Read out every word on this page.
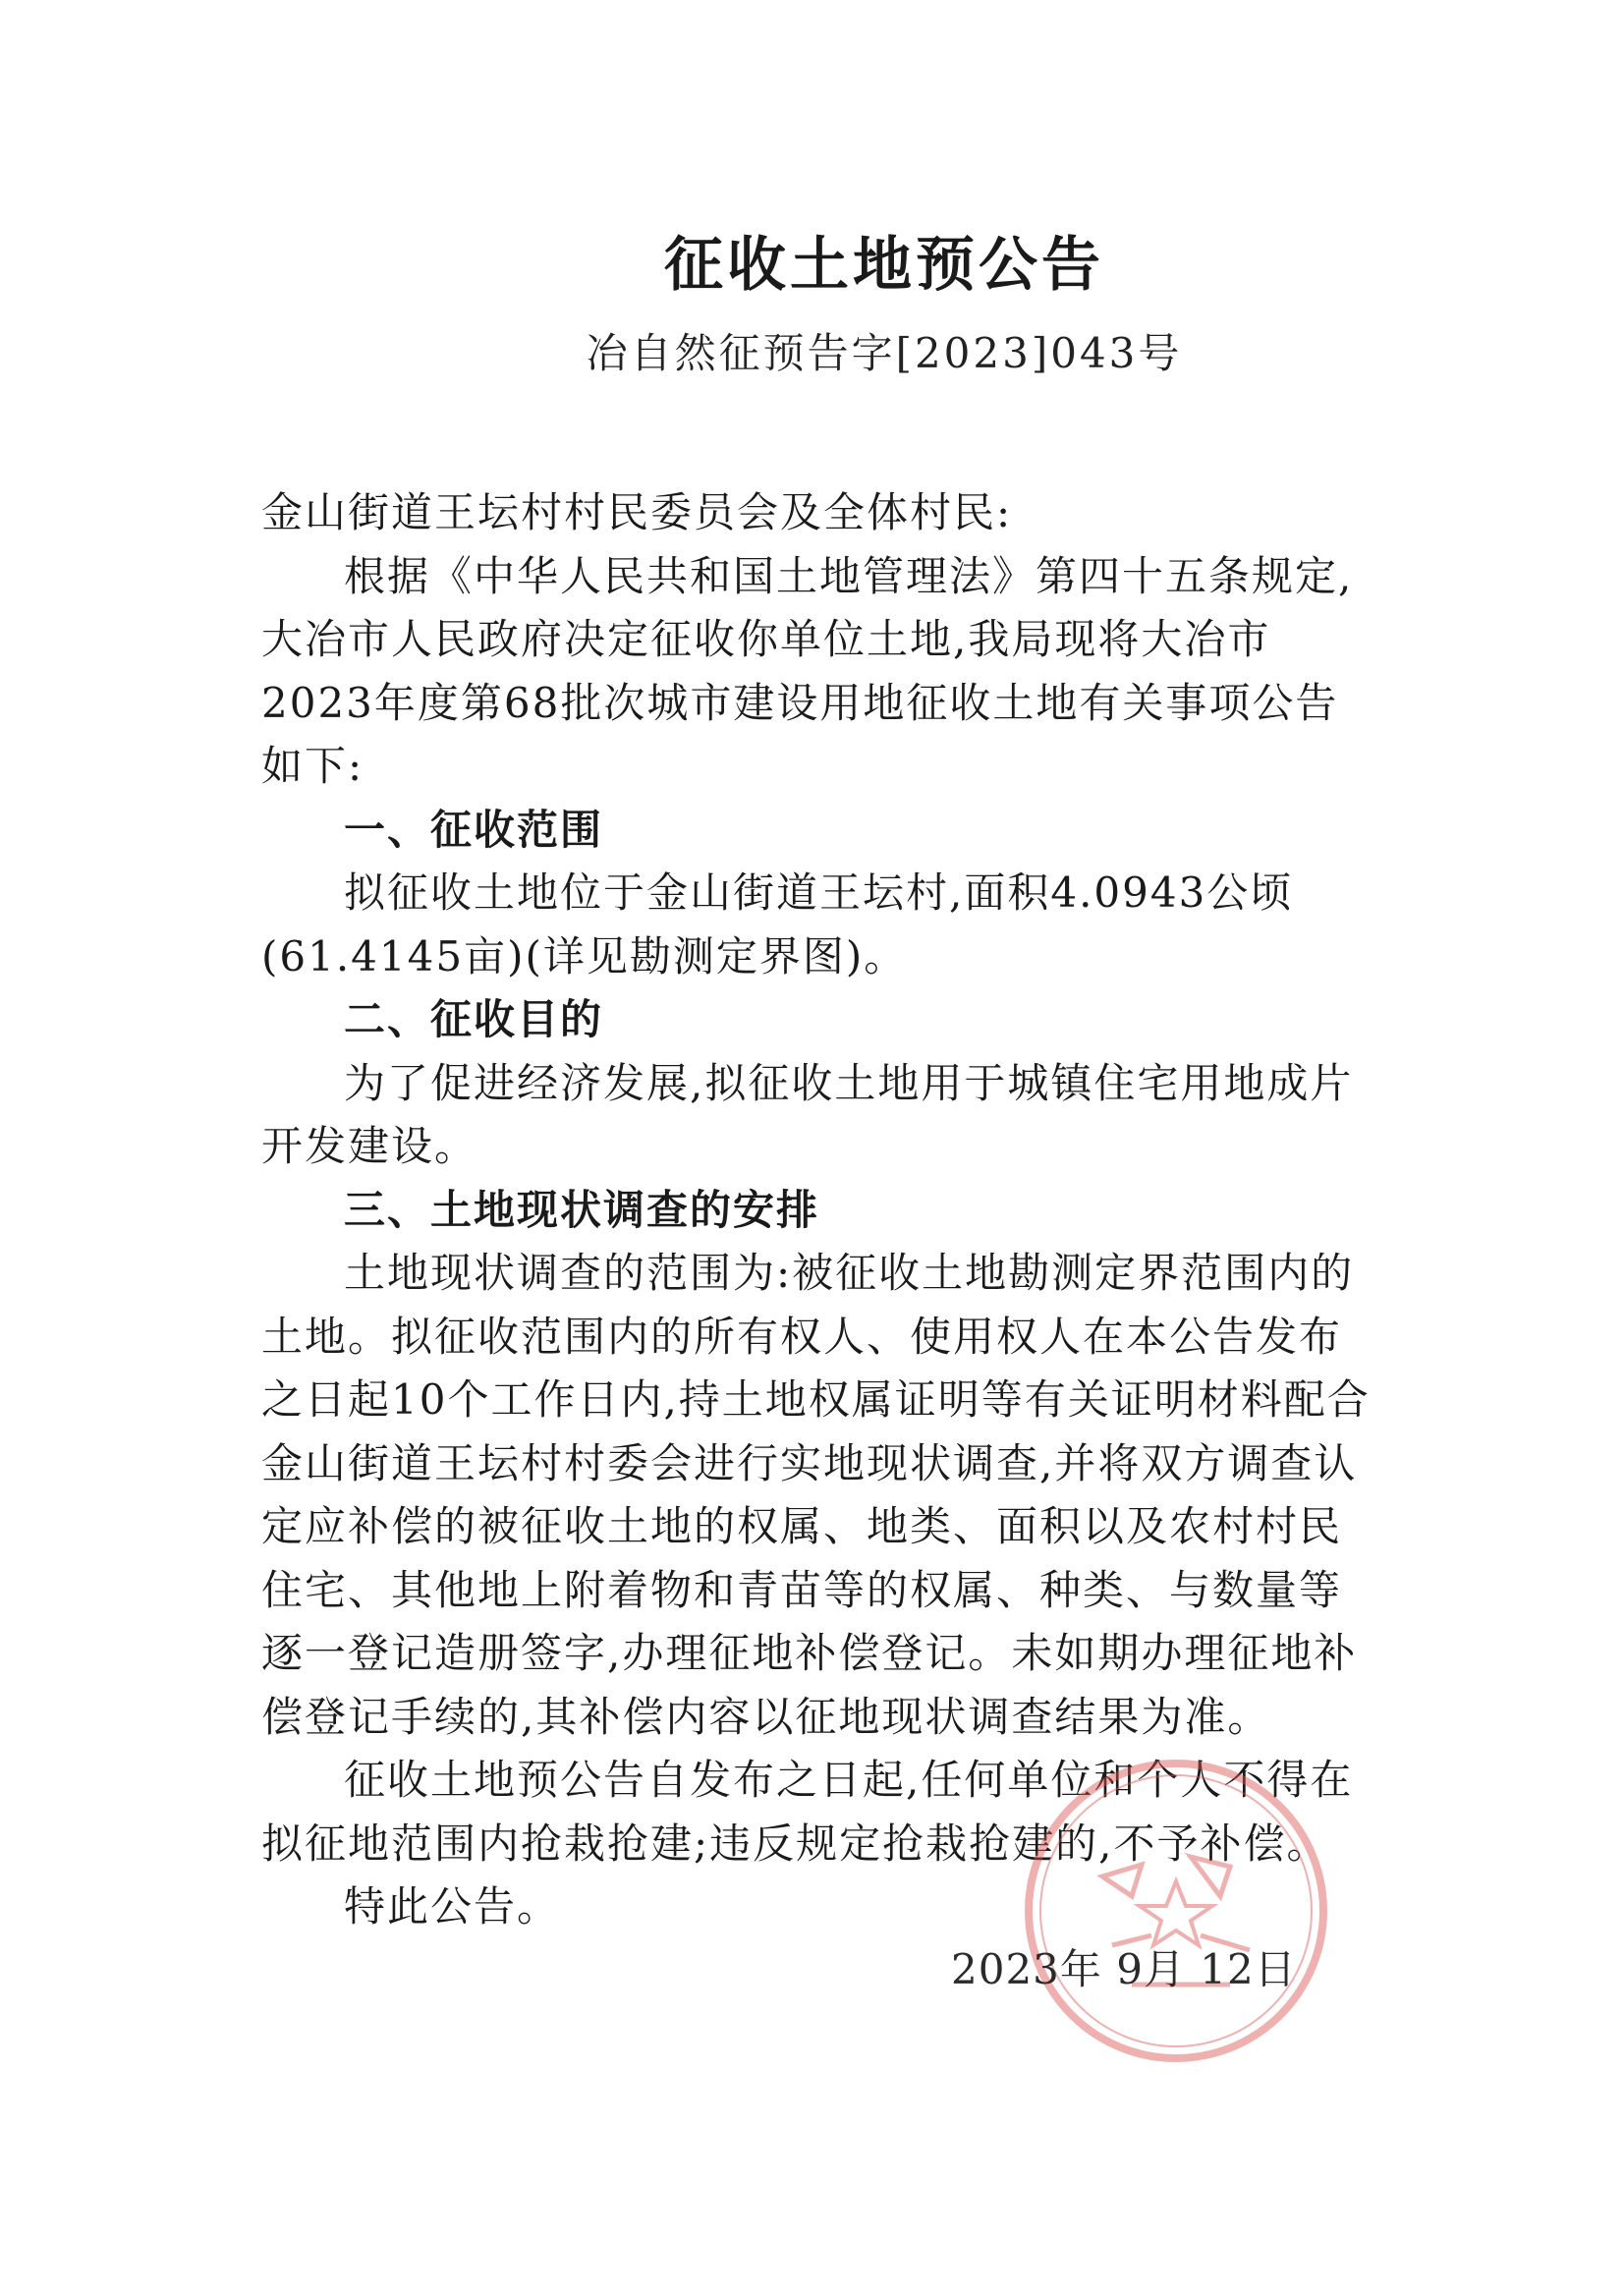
征收土地预公告
冶自然征预告字[2023]043号

金山街道王坛村村民委员会及全体村民:

根据《中华人民共和国土地管理法》第四十五条规定,大冶市人民政府决定征收你单位土地,我局现将大冶市2023年度第68批次城市建设用地征收土地有关事项公告如下:

一、征收范围

拟征收土地位于金山街道王坛村,面积4.0943公顷(61.4145亩)(详见勘测定界图)。

二、征收目的

为了促进经济发展,拟征收土地用于城镇住宅用地成片开发建设。

三、土地现状调查的安排

土地现状调查的范围为:被征收土地勘测定界范围内的土地。拟征收范围内的所有权人、使用权人在本公告发布之日起10个工作日内,持土地权属证明等有关证明材料配合金山街道王坛村村委会进行实地现状调查,并将双方调查认定应补偿的被征收土地的权属、地类、面积以及农村村民住宅、其他地上附着物和青苗等的权属、种类、与数量等逐一登记造册签字,办理征地补偿登记。未如期办理征地补偿登记手续的,其补偿内容以征地现状调查结果为准。

征收土地预公告自发布之日起,任何单位和个人不得在拟征地范围内抢栽抢建;违反规定抢栽抢建的,不予补偿。

特此公告。

2023年 9月 12日
